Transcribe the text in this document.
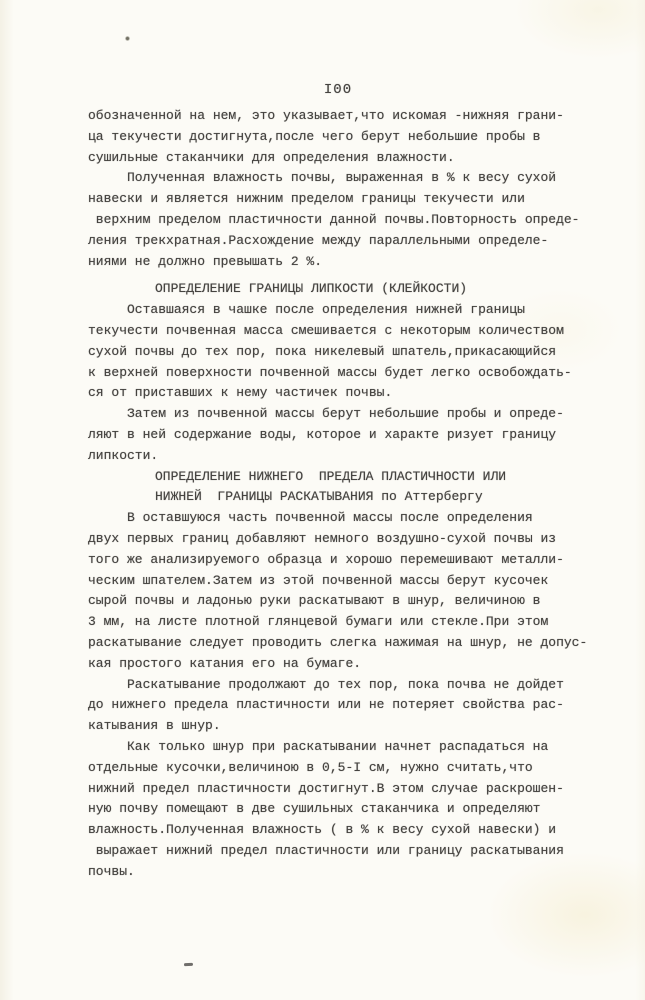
I00
обозначенной на нем, это указывает,что искомая -нижняя грани-
ца текучести достигнута,после чего берут небольшие пробы в
сушильные стаканчики для определения влажности.
Полученная влажность почвы, выраженная в % к весу сухой
навески и является нижним пределом границы текучести или
верхним пределом пластичности данной почвы.Повторность опреде-
ления трекхратная.Расхождение между параллельными определе-
ниями не должно превышать 2 %.
ОПРЕДЕЛЕНИЕ ГРАНИЦЫ ЛИПКОСТИ (КЛЕЙКОСТИ)
Оставшаяся в чашке после определения нижней границы
текучести почвенная масса смешивается с некоторым количеством
сухой почвы до тех пор, пока никелевый шпатель,прикасающийся
к верхней поверхности почвенной массы будет легко освобождать-
ся от приставших к нему частичек почвы.
Затем из почвенной массы берут небольшие пробы и опреде-
ляют в ней содержание воды, которое и характе ризует границу
липкости.
ОПРЕДЕЛЕНИЕ НИЖНЕГО  ПРЕДЕЛА ПЛАСТИЧНОСТИ ИЛИ
НИЖНЕЙ  ГРАНИЦЫ РАСКАТЫВАНИЯ по Аттербергу
В оставшуюся часть почвенной массы после определения
двух первых границ добавляют немного воздушно-сухой почвы из
того же анализируемого образца и хорошо перемешивают металли-
ческим шпателем.Затем из этой почвенной массы берут кусочек
сырой почвы и ладонью руки раскатывают в шнур, величиною в
3 мм, на листе плотной глянцевой бумаги или стекле.При этом
раскатывание следует проводить слегка нажимая на шнур, не допус-
кая простого катания его на бумаге.
Раскатывание продолжают до тех пор, пока почва не дойдет
до нижнего предела пластичности или не потеряет свойства рас-
катывания в шнур.
Как только шнур при раскатывании начнет распадаться на
отдельные кусочки,величиною в 0,5-I см, нужно считать,что
нижний предел пластичности достигнут.В этом случае раскрошен-
ную почву помещают в две сушильных стаканчика и определяют
влажность.Полученная влажность ( в % к весу сухой навески) и
выражает нижний предел пластичности или границу раскатывания
почвы.
